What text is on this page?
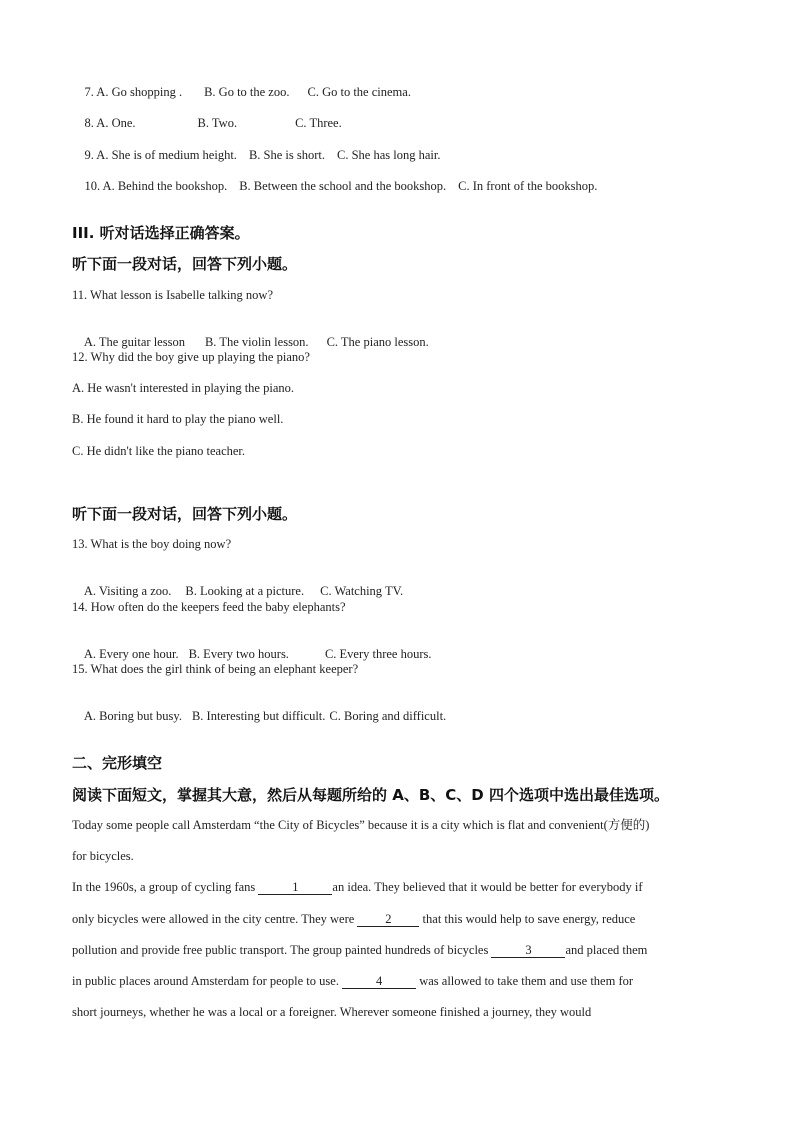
7. A. Go shopping . B. Go to the zoo. C. Go to the cinema.

8. A. One.	B. Two.	C. Three.

9. A. She is of medium height. B. She is short. C. She has long hair.

10. A. Behind the bookshop. B. Between the school and the bookshop. C. In front of the bookshop.

III. 听对话选择正确答案。
听下面一段对话，回答下列小题。
11. What lesson is Isabelle talking now?

A. The guitar lesson B. The violin lesson. C. The piano lesson.

12. Why did the boy give up playing the piano?
A. He wasn't interested in playing the piano.
B. He found it hard to play the piano well.
C. He didn't like the piano teacher.
听下面一段对话，回答下列小题。
13. What is the boy doing now?

A. Visiting a zoo. B. Looking at a picture. C. Watching TV.

14. How often do the keepers feed the baby elephants?

A. Every one hour. B. Every two hours.	C. Every three hours.

15. What does the girl think of being an elephant keeper?

A. Boring but busy. B. Interesting but difficult. C. Boring and difficult.

二、完形填空
阅读下面短文，掌握其大意，然后从每题所给的 A、B、C、D 四个选项中选出最佳选项。
Today some people call Amsterdam “the City of Bicycles” because it is a city which is flat and convenient(方便的)
for bicycles.
In the 1960s, a group of cycling fans	1	an idea. They believed that it would be better for everybody if
only bicycles were allowed in the city centre. They were 2 that this would help to save energy, reduce
pollution and provide free public transport. The group painted hundreds of bicycles	3	and placed them
in public places around Amsterdam for people to use.	4	was allowed to take them and use them for
short journeys, whether he was a local or a foreigner. Wherever someone finished a journey, they would
